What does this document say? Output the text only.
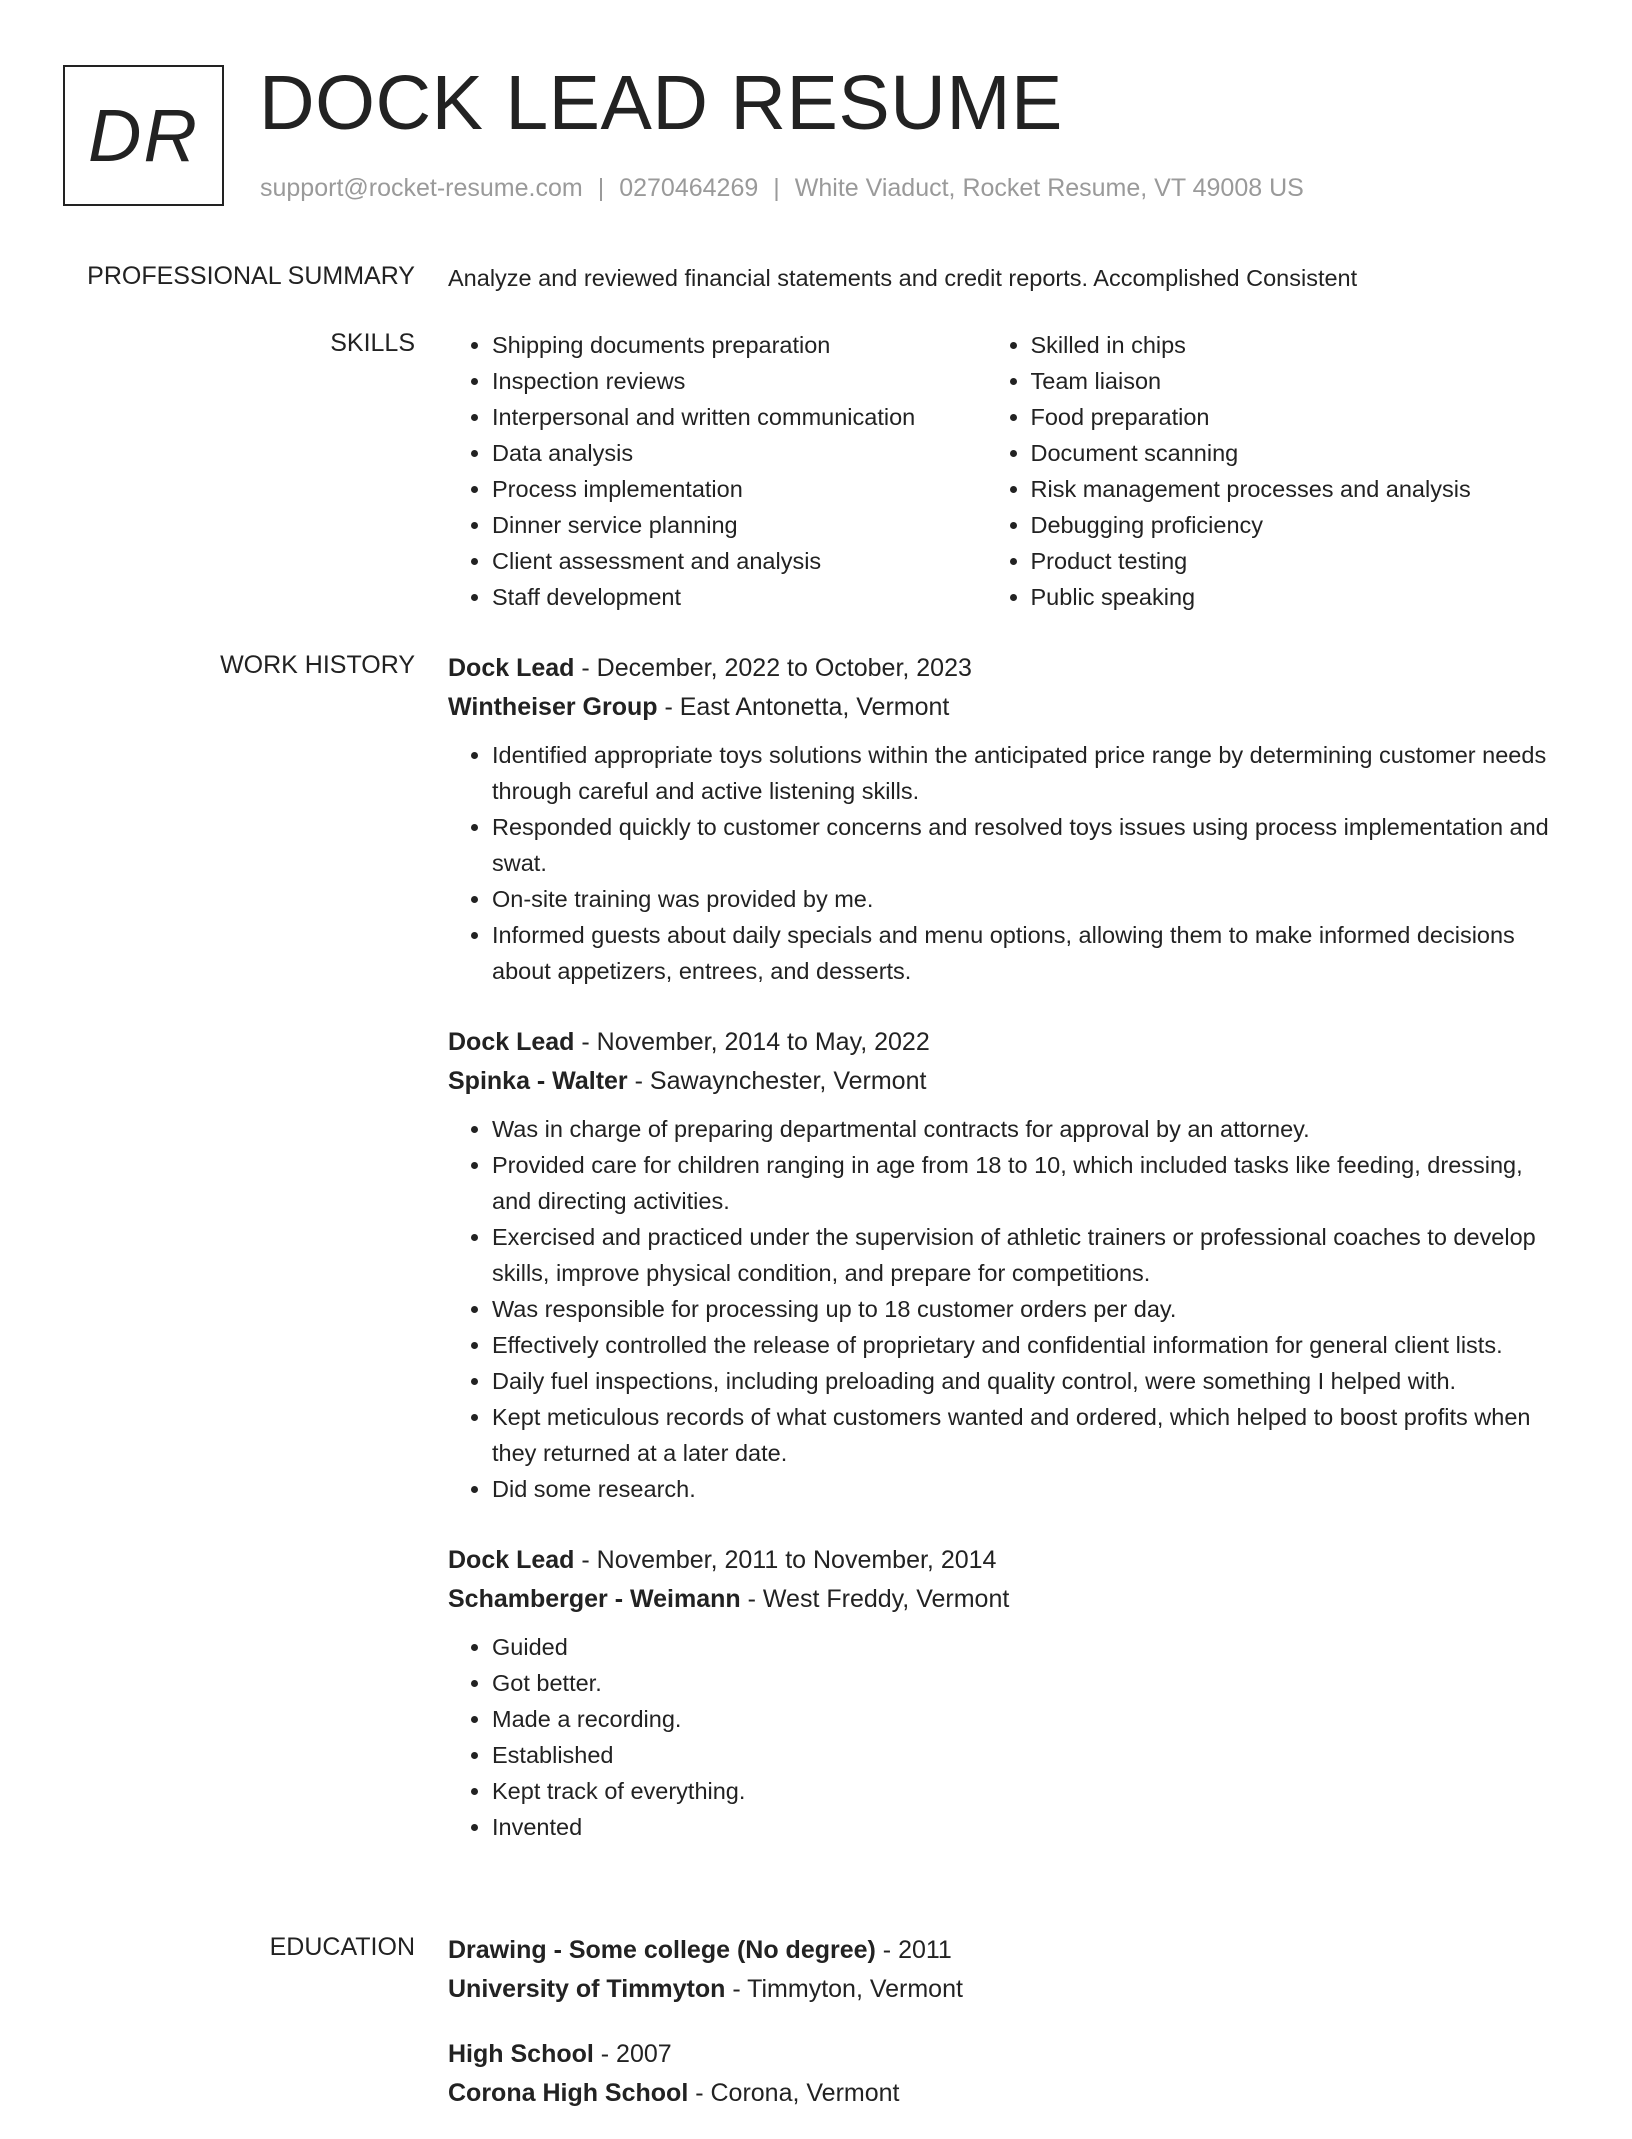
DR DOCK LEAD RESUME
support@rocket-resume.com | 0270464269 | White Viaduct, Rocket Resume, VT 49008 US
PROFESSIONAL SUMMARY Analyze and reviewed financial statements and credit reports. Accomplished Consistent
SKILLS
•	Shipping documents preparation
• Inspection reviews
• Interpersonal and written communication
• Data analysis
• Process implementation
• Dinner service planning
• Client assessment and analysis
• Staff development
• Skilled in chips
• Team liaison
• Food preparation
• Document scanning
• Risk management processes and analysis
• Debugging proficiency
• Product testing
• Public speaking
WORK HISTORY Dock Lead - December, 2022 to October, 2023
Wintheiser Group - East Antonetta, Vermont
• Identified appropriate toys solutions within the anticipated price range by determining customer needs through careful and active listening skills.
• Responded quickly to customer concerns and resolved toys issues using process implementation and swat.
• On-site training was provided by me.
• Informed guests about daily specials and menu options, allowing them to make informed decisions about appetizers, entrees, and desserts.
Dock Lead - November, 2014 to May, 2022
Spinka - Walter - Sawaynchester, Vermont
• Was in charge of preparing departmental contracts for approval by an attorney.
• Provided care for children ranging in age from 18 to 10, which included tasks like feeding, dressing, and directing activities.
• Exercised and practiced under the supervision of athletic trainers or professional coaches to develop skills, improve physical condition, and prepare for competitions.
• Was responsible for processing up to 18 customer orders per day.
• Effectively controlled the release of proprietary and confidential information for general client lists.
• Daily fuel inspections, including preloading and quality control, were something I helped with.
• Kept meticulous records of what customers wanted and ordered, which helped to boost profits when they returned at a later date.
• Did some research.
Dock Lead - November, 2011 to November, 2014
Schamberger - Weimann - West Freddy, Vermont
• Guided
• Got better.
• Made a recording.
• Established
• Kept track of everything.
• Invented
EDUCATION Drawing - Some college (No degree) - 2011
University of Timmyton - Timmyton, Vermont
High School - 2007
Corona High School - Corona, Vermont
